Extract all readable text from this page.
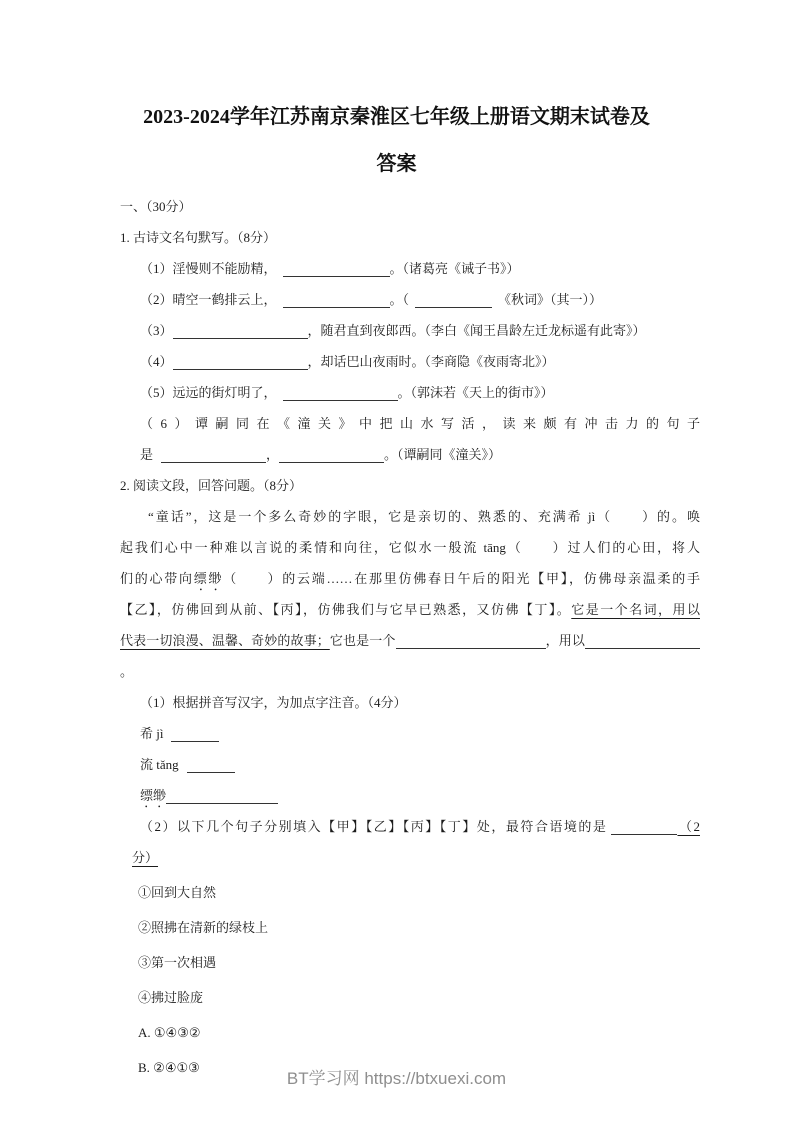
2023-2024学年江苏南京秦淮区七年级上册语文期末试卷及
答案
一、（30分）
1. 古诗文名句默写。（8分）
（1）淫慢则不能励精，	。（诸葛亮《诫子书》）
（2）晴空一鹤排云上，	。（	《秋词》（其一））
（3）	，随君直到夜郎西。（李白《闻王昌龄左迁龙标遥有此寄》）
（4）	，却话巴山夜雨时。（李商隐《夜雨寄北》）
（5）远远的街灯明了，	。（郭沫若《天上的街市》）
（6）谭嗣同在《潼关》中把山水写活，读来颇有冲击力的句子
是	，	。（谭嗣同《潼关》）
2. 阅读文段，回答问题。（8分）
“童话”，这是一个多么奇妙的字眼，它是亲切的、熟悉的、充满希 jì（　　）的。唤
起我们心中一种难以言说的柔情和向往，它似水一般流 tāng（　　）过人们的心田，将人
们的心带向缥缈（　　）的云端……在那里仿佛春日午后的阳光【甲】，仿佛母亲温柔的手
【乙】，仿佛回到从前、【丙】，仿佛我们与它早已熟悉，又仿佛【丁】。它是一个名词，用以
代表一切浪漫、温馨、奇妙的故事；它也是一个	，用以。
（1）根据拼音写汉字，为加点字注音。（4分）
希 jì
流 tǎng
缥缈
（2）以下几个句子分别填入【甲】【乙】【丙】【丁】处，最符合语境的是	（2
分）
①回到大自然
②照拂在清新的绿枝上
③第一次相遇
④拂过脸庞
A. ①④③②
B. ②④①③
BT学习网 https://btxuexi.com
